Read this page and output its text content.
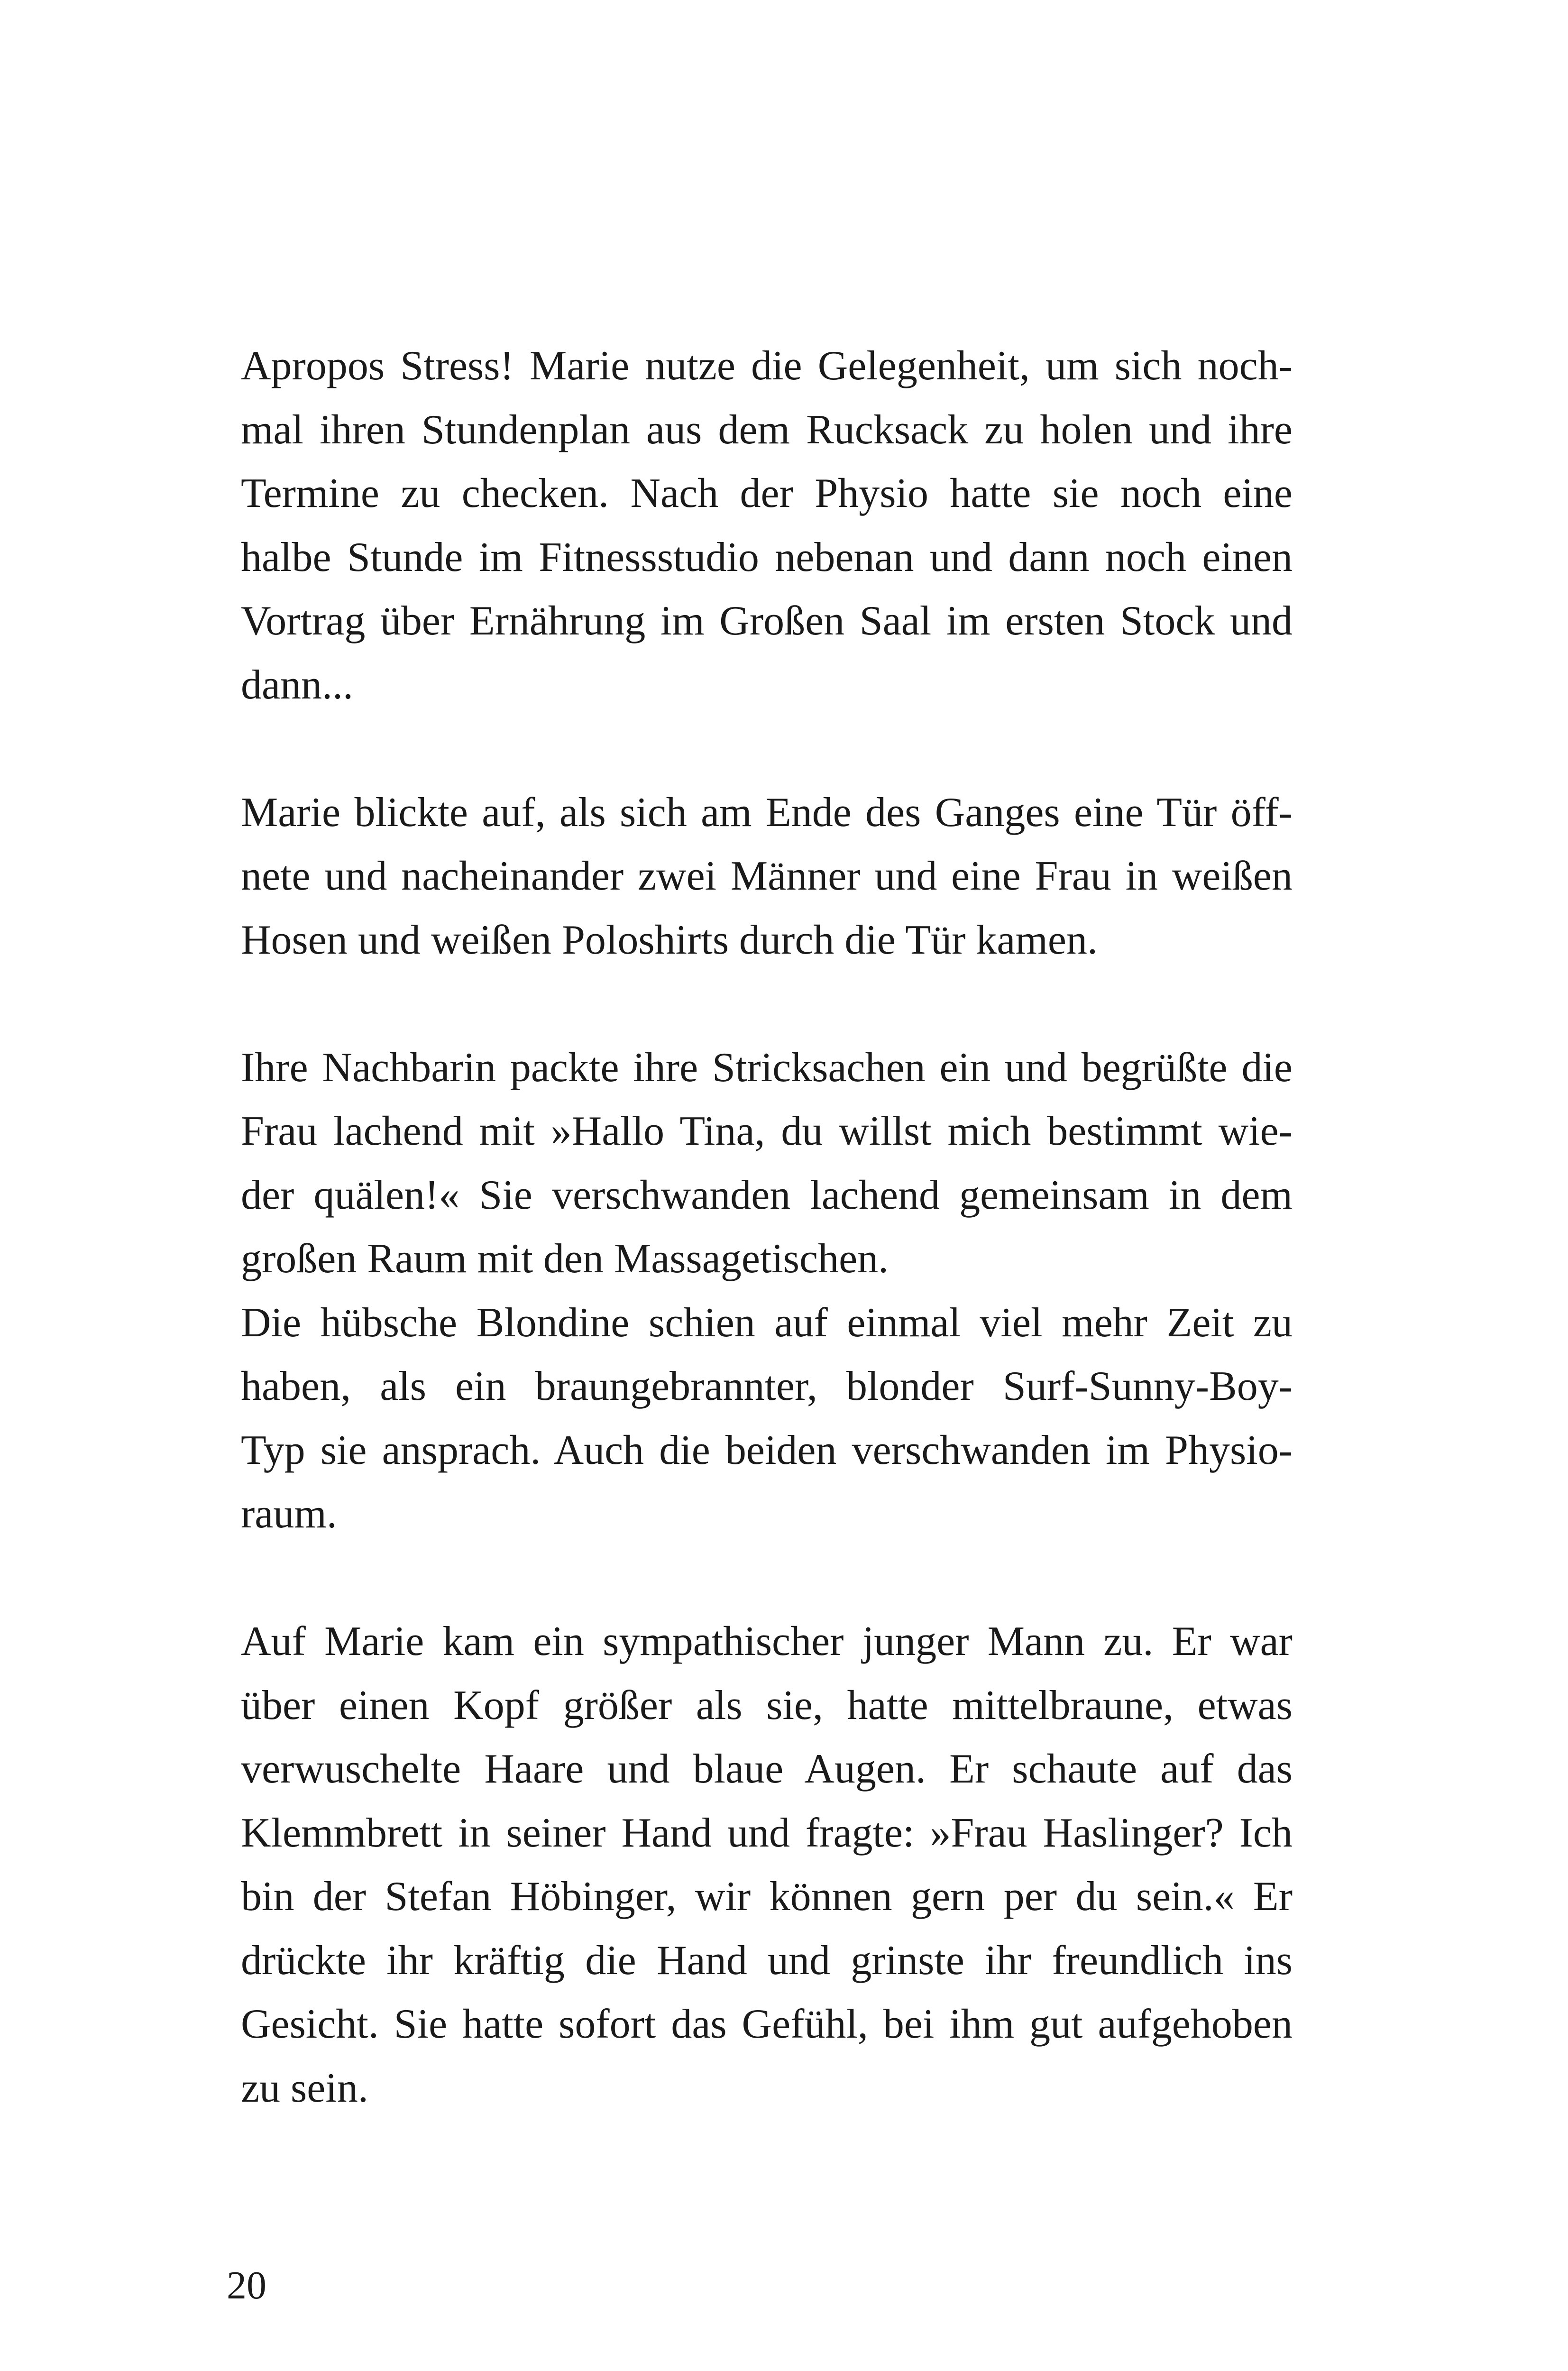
Apropos Stress! Marie nutze die Gelegenheit, um sich noch-
mal ihren Stundenplan aus dem Rucksack zu holen und ihre
Termine zu checken. Nach der Physio hatte sie noch eine
halbe Stunde im Fitnessstudio nebenan und dann noch einen
Vortrag über Ernährung im Großen Saal im ersten Stock und
dann...
Marie blickte auf, als sich am Ende des Ganges eine Tür öff-
nete und nacheinander zwei Männer und eine Frau in weißen
Hosen und weißen Poloshirts durch die Tür kamen.
Ihre Nachbarin packte ihre Stricksachen ein und begrüßte die
Frau lachend mit »Hallo Tina, du willst mich bestimmt wie-
der quälen!« Sie verschwanden lachend gemeinsam in dem
großen Raum mit den Massagetischen.
Die hübsche Blondine schien auf einmal viel mehr Zeit zu
haben, als ein braungebrannter, blonder Surf-Sunny-Boy-
Typ sie ansprach. Auch die beiden verschwanden im Physio-
raum.
Auf Marie kam ein sympathischer junger Mann zu. Er war
über einen Kopf größer als sie, hatte mittelbraune, etwas
verwuschelte Haare und blaue Augen. Er schaute auf das
Klemmbrett in seiner Hand und fragte: »Frau Haslinger? Ich
bin der Stefan Höbinger, wir können gern per du sein.« Er
drückte ihr kräftig die Hand und grinste ihr freundlich ins
Gesicht. Sie hatte sofort das Gefühl, bei ihm gut aufgehoben
zu sein.
20
